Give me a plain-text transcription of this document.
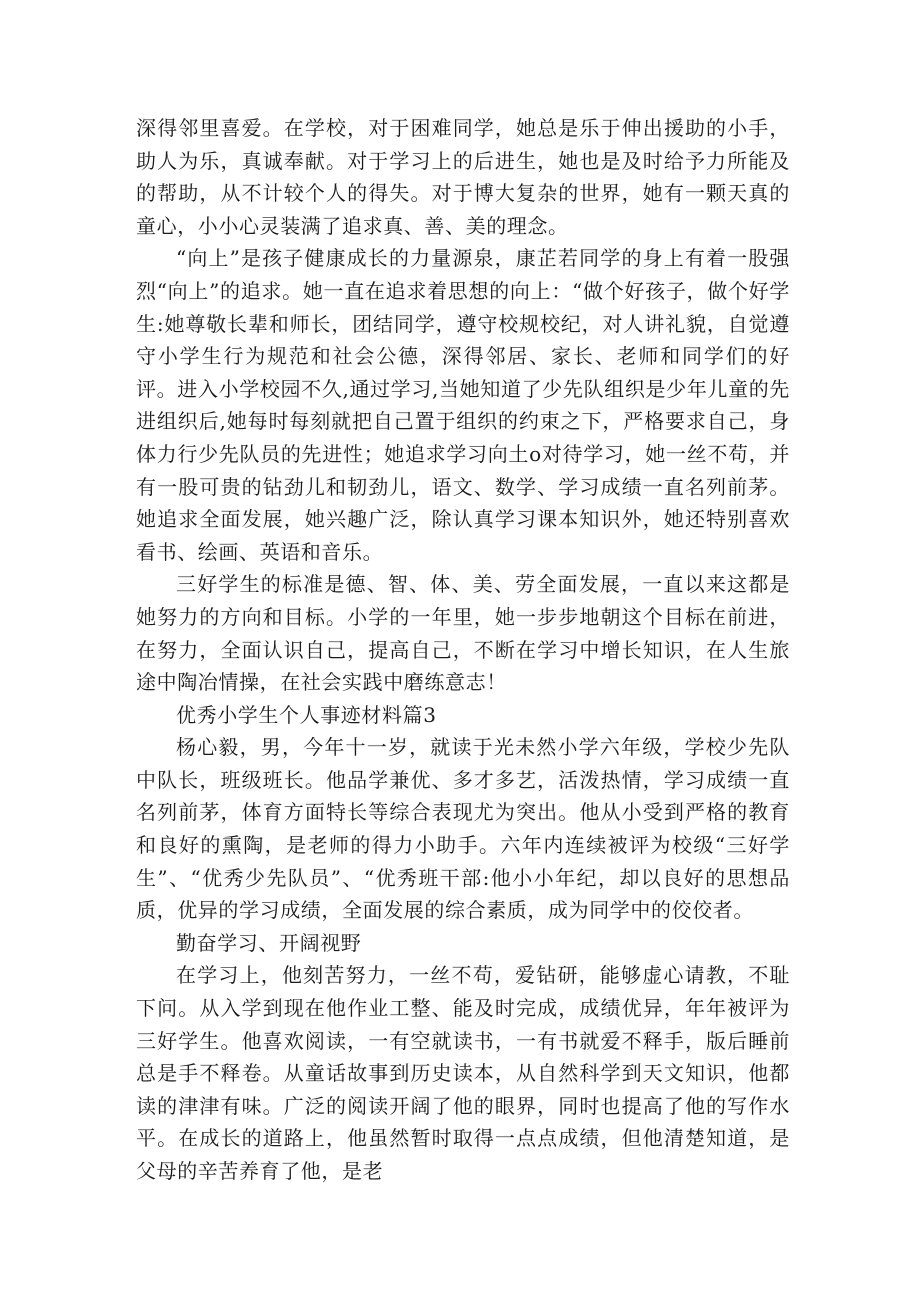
深得邻里喜爱。在学校，对于困难同学，她总是乐于伸出援助的小手，助人为乐，真诚奉献。对于学习上的后进生，她也是及时给予力所能及的帮助，从不计较个人的得失。对于博大复杂的世界，她有一颗天真的童心，小小心灵装满了追求真、善、美的理念。

“向上”是孩子健康成长的力量源泉，康芷若同学的身上有着一股强烈“向上”的追求。她一直在追求着思想的向上：“做个好孩子，做个好学生:她尊敬长辈和师长，团结同学，遵守校规校纪，对人讲礼貌，自觉遵守小学生行为规范和社会公德，深得邻居、家长、老师和同学们的好评。进入小学校园不久,通过学习,当她知道了少先队组织是少年儿童的先进组织后,她每时每刻就把自己置于组织的约束之下，严格要求自己，身体力行少先队员的先进性；她追求学习向土o对待学习，她一丝不苟，并有一股可贵的钻劲儿和韧劲儿，语文、数学、学习成绩一直名列前茅。她追求全面发展，她兴趣广泛，除认真学习课本知识外，她还特别喜欢看书、绘画、英语和音乐。

三好学生的标准是德、智、体、美、劳全面发展，一直以来这都是她努力的方向和目标。小学的一年里，她一步步地朝这个目标在前进，在努力，全面认识自己，提高自己，不断在学习中增长知识，在人生旅途中陶冶情操，在社会实践中磨练意志！

优秀小学生个人事迹材料篇3

杨心毅，男，今年十一岁，就读于光未然小学六年级，学校少先队中队长，班级班长。他品学兼优、多才多艺，活泼热情，学习成绩一直名列前茅，体育方面特长等综合表现尤为突出。他从小受到严格的教育和良好的熏陶，是老师的得力小助手。六年内连续被评为校级“三好学生”、“优秀少先队员”、“优秀班干部:他小小年纪，却以良好的思想品质，优异的学习成绩，全面发展的综合素质，成为同学中的佼佼者。

勤奋学习、开阔视野

在学习上，他刻苦努力，一丝不苟，爱钻研，能够虚心请教，不耻下问。从入学到现在他作业工整、能及时完成，成绩优异，年年被评为三好学生。他喜欢阅读，一有空就读书，一有书就爱不释手，版后睡前总是手不释卷。从童话故事到历史读本，从自然科学到天文知识，他都读的津津有味。广泛的阅读开阔了他的眼界，同时也提高了他的写作水平。在成长的道路上，他虽然暂时取得一点点成绩，但他清楚知道，是父母的辛苦养育了他，是老
